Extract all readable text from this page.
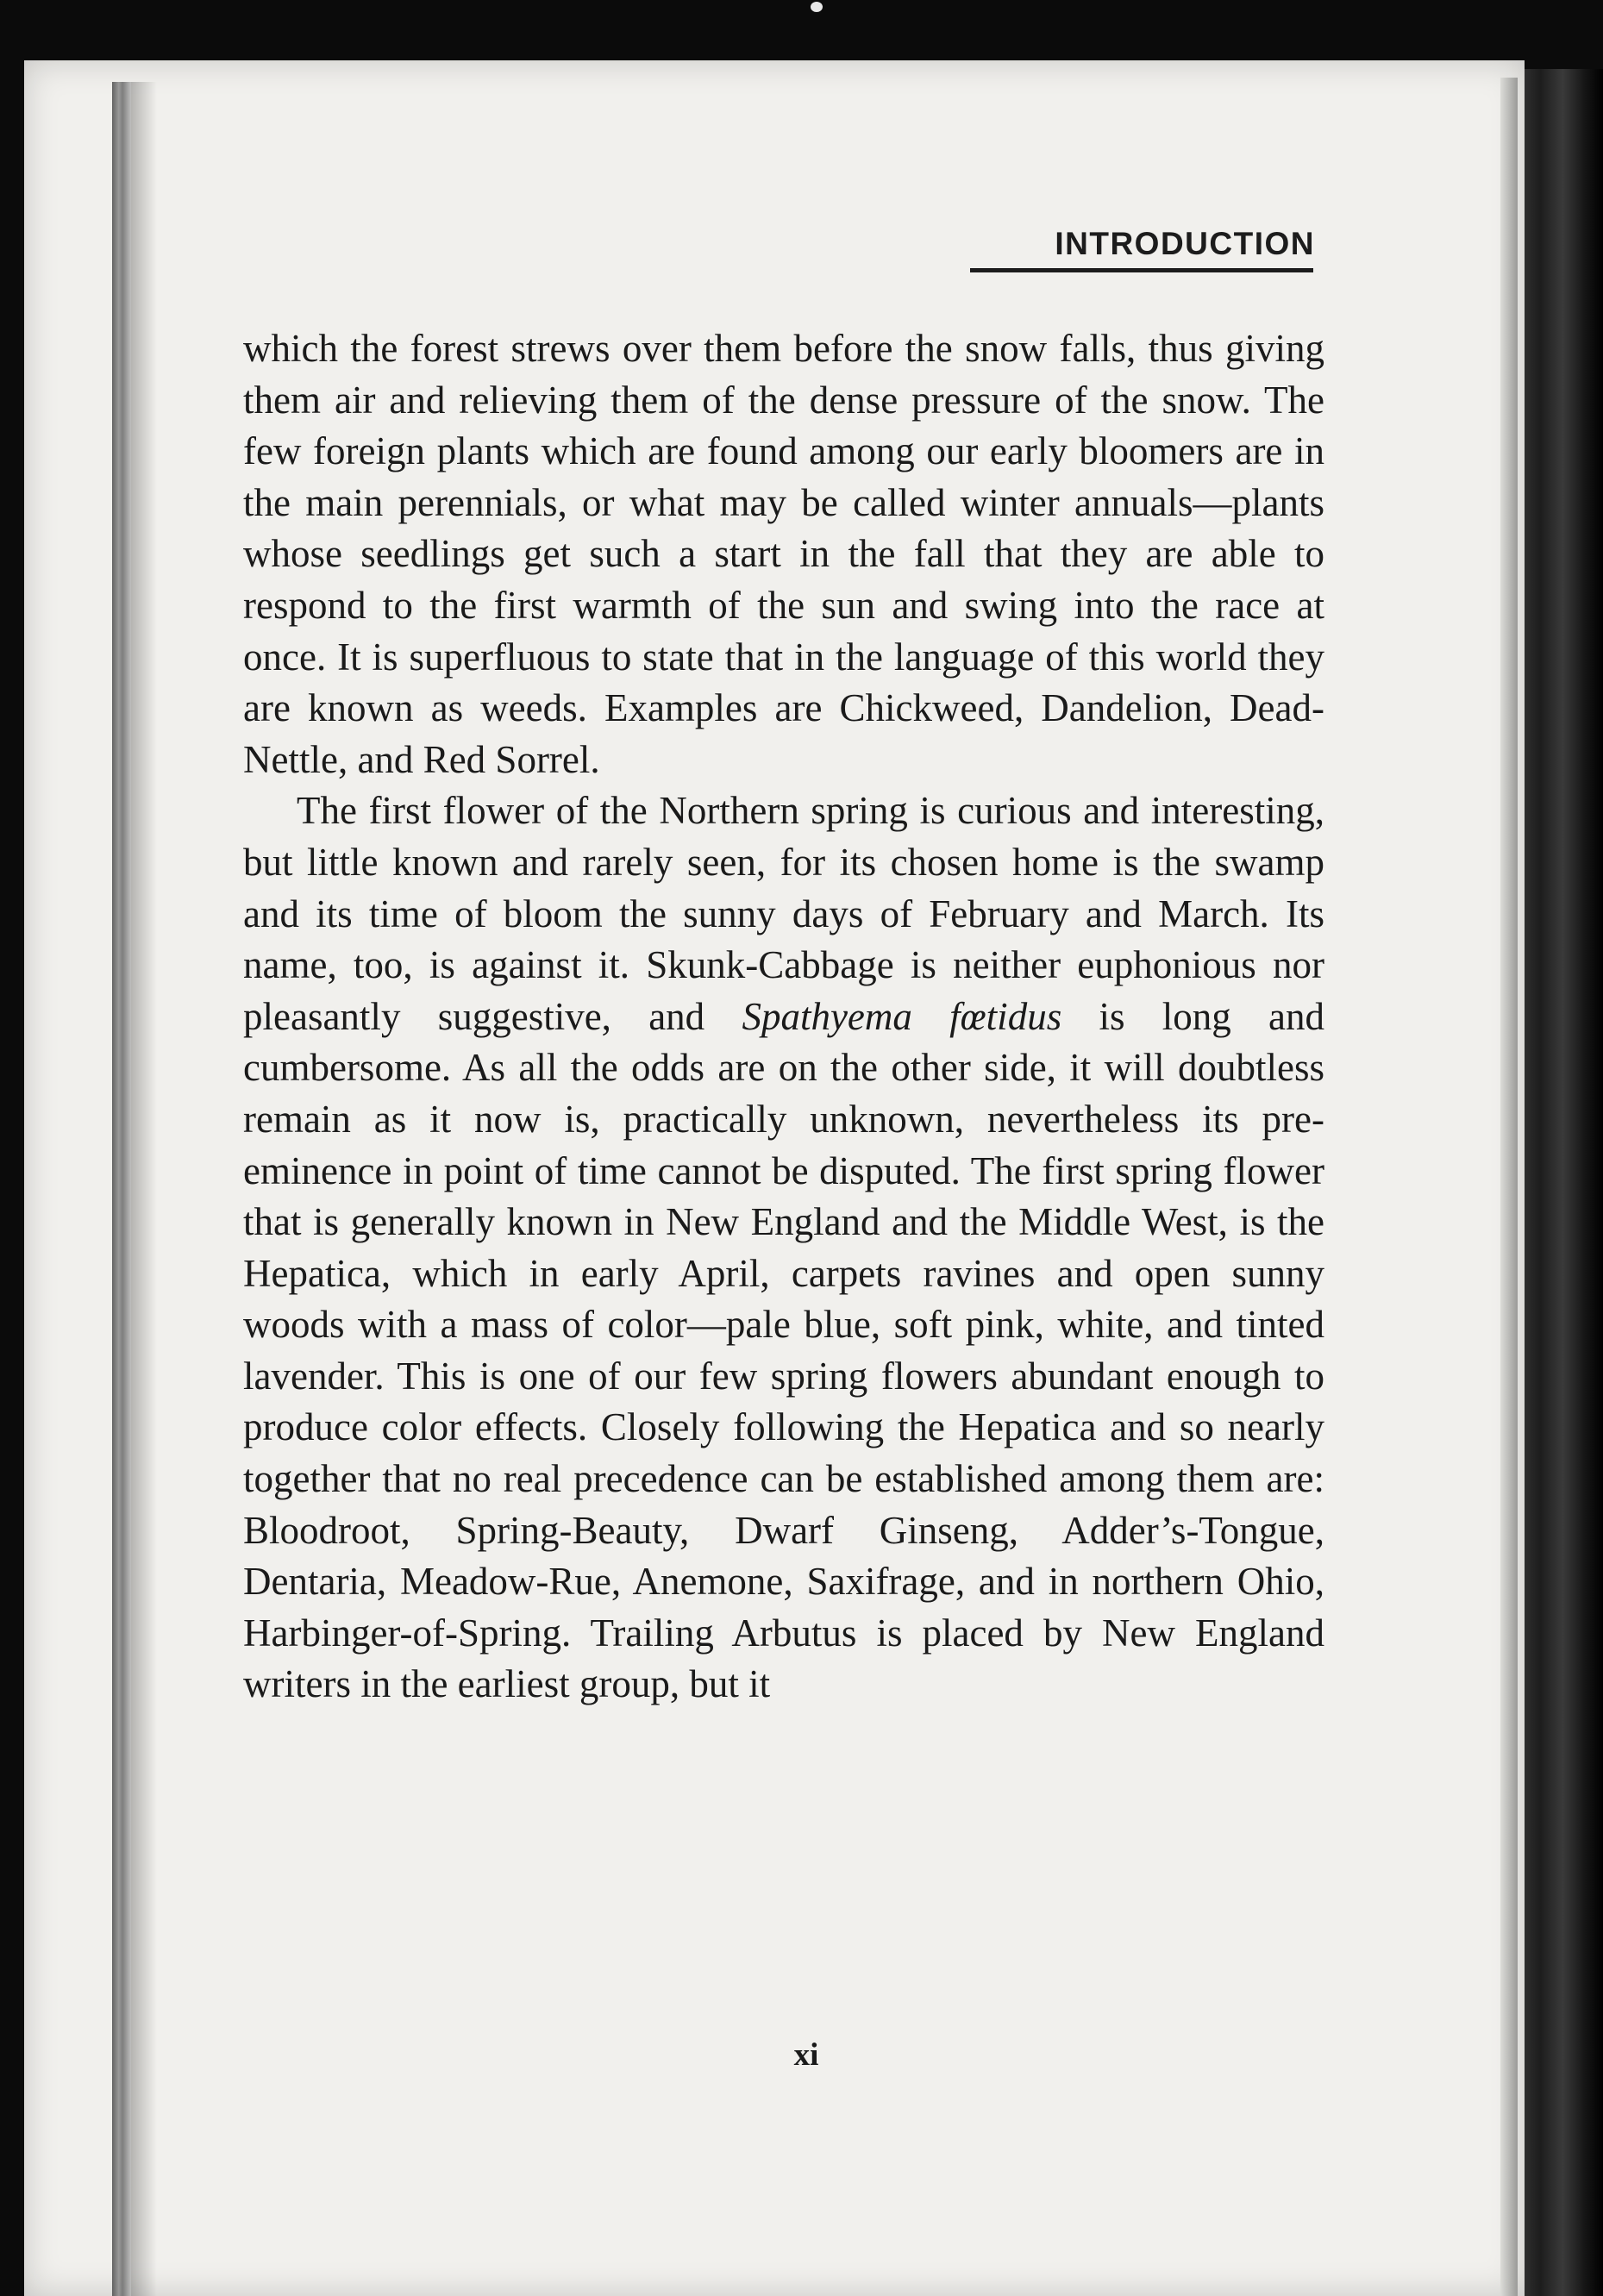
INTRODUCTION

which the forest strews over them before the snow falls, thus giving them air and relieving them of the dense pressure of the snow. The few foreign plants which are found among our early bloomers are in the main perennials, or what may be called winter annuals—plants whose seedlings get such a start in the fall that they are able to respond to the first warmth of the sun and swing into the race at once. It is superfluous to state that in the language of this world they are known as weeds. Examples are Chickweed, Dandelion, Dead-Nettle, and Red Sorrel.

The first flower of the Northern spring is curious and interesting, but little known and rarely seen, for its chosen home is the swamp and its time of bloom the sunny days of February and March. Its name, too, is against it. Skunk-Cabbage is neither euphonious nor pleasantly suggestive, and Spathyema fœtidus is long and cumbersome. As all the odds are on the other side, it will doubtless remain as it now is, practically unknown, nevertheless its pre-eminence in point of time cannot be disputed. The first spring flower that is generally known in New England and the Middle West, is the Hepatica, which in early April, carpets ravines and open sunny woods with a mass of color—pale blue, soft pink, white, and tinted lavender. This is one of our few spring flowers abundant enough to produce color effects. Closely following the Hepatica and so nearly together that no real precedence can be established among them are: Bloodroot, Spring-Beauty, Dwarf Ginseng, Adder’s-Tongue, Dentaria, Meadow-Rue, Anemone, Saxifrage, and in northern Ohio, Harbinger-of-Spring. Trailing Arbutus is placed by New England writers in the earliest group, but it

xi
